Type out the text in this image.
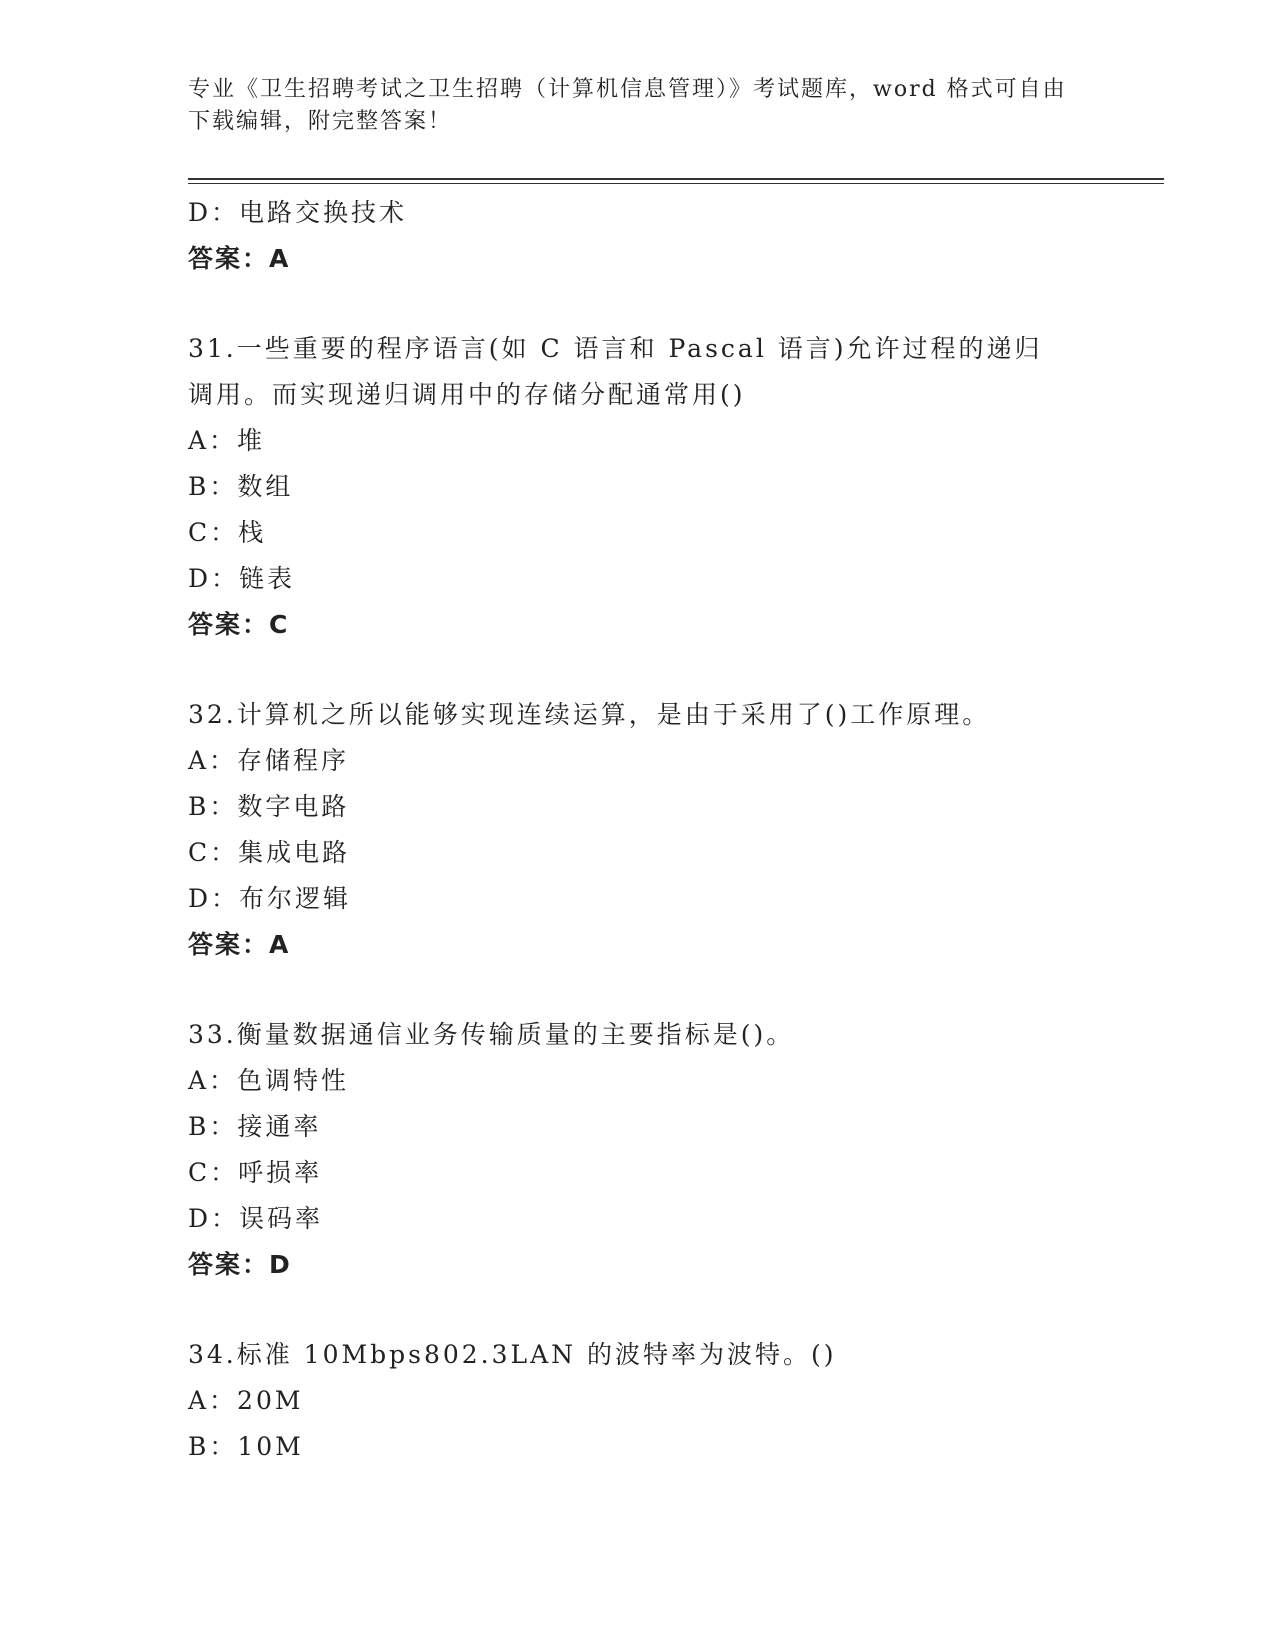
专业《卫生招聘考试之卫生招聘（计算机信息管理）》考试题库，word 格式可自由下载编辑，附完整答案！
D：电路交换技术
答案：A
31.一些重要的程序语言(如 C 语言和 Pascal 语言)允许过程的递归调用。而实现递归调用中的存储分配通常用()
A：堆
B：数组
C：栈
D：链表
答案：C
32.计算机之所以能够实现连续运算，是由于采用了()工作原理。
A：存储程序
B：数字电路
C：集成电路
D：布尔逻辑
答案：A
33.衡量数据通信业务传输质量的主要指标是()。
A：色调特性
B：接通率
C：呼损率
D：误码率
答案：D
34.标准 10Mbps802.3LAN 的波特率为波特。()
A：20M
B：10M
